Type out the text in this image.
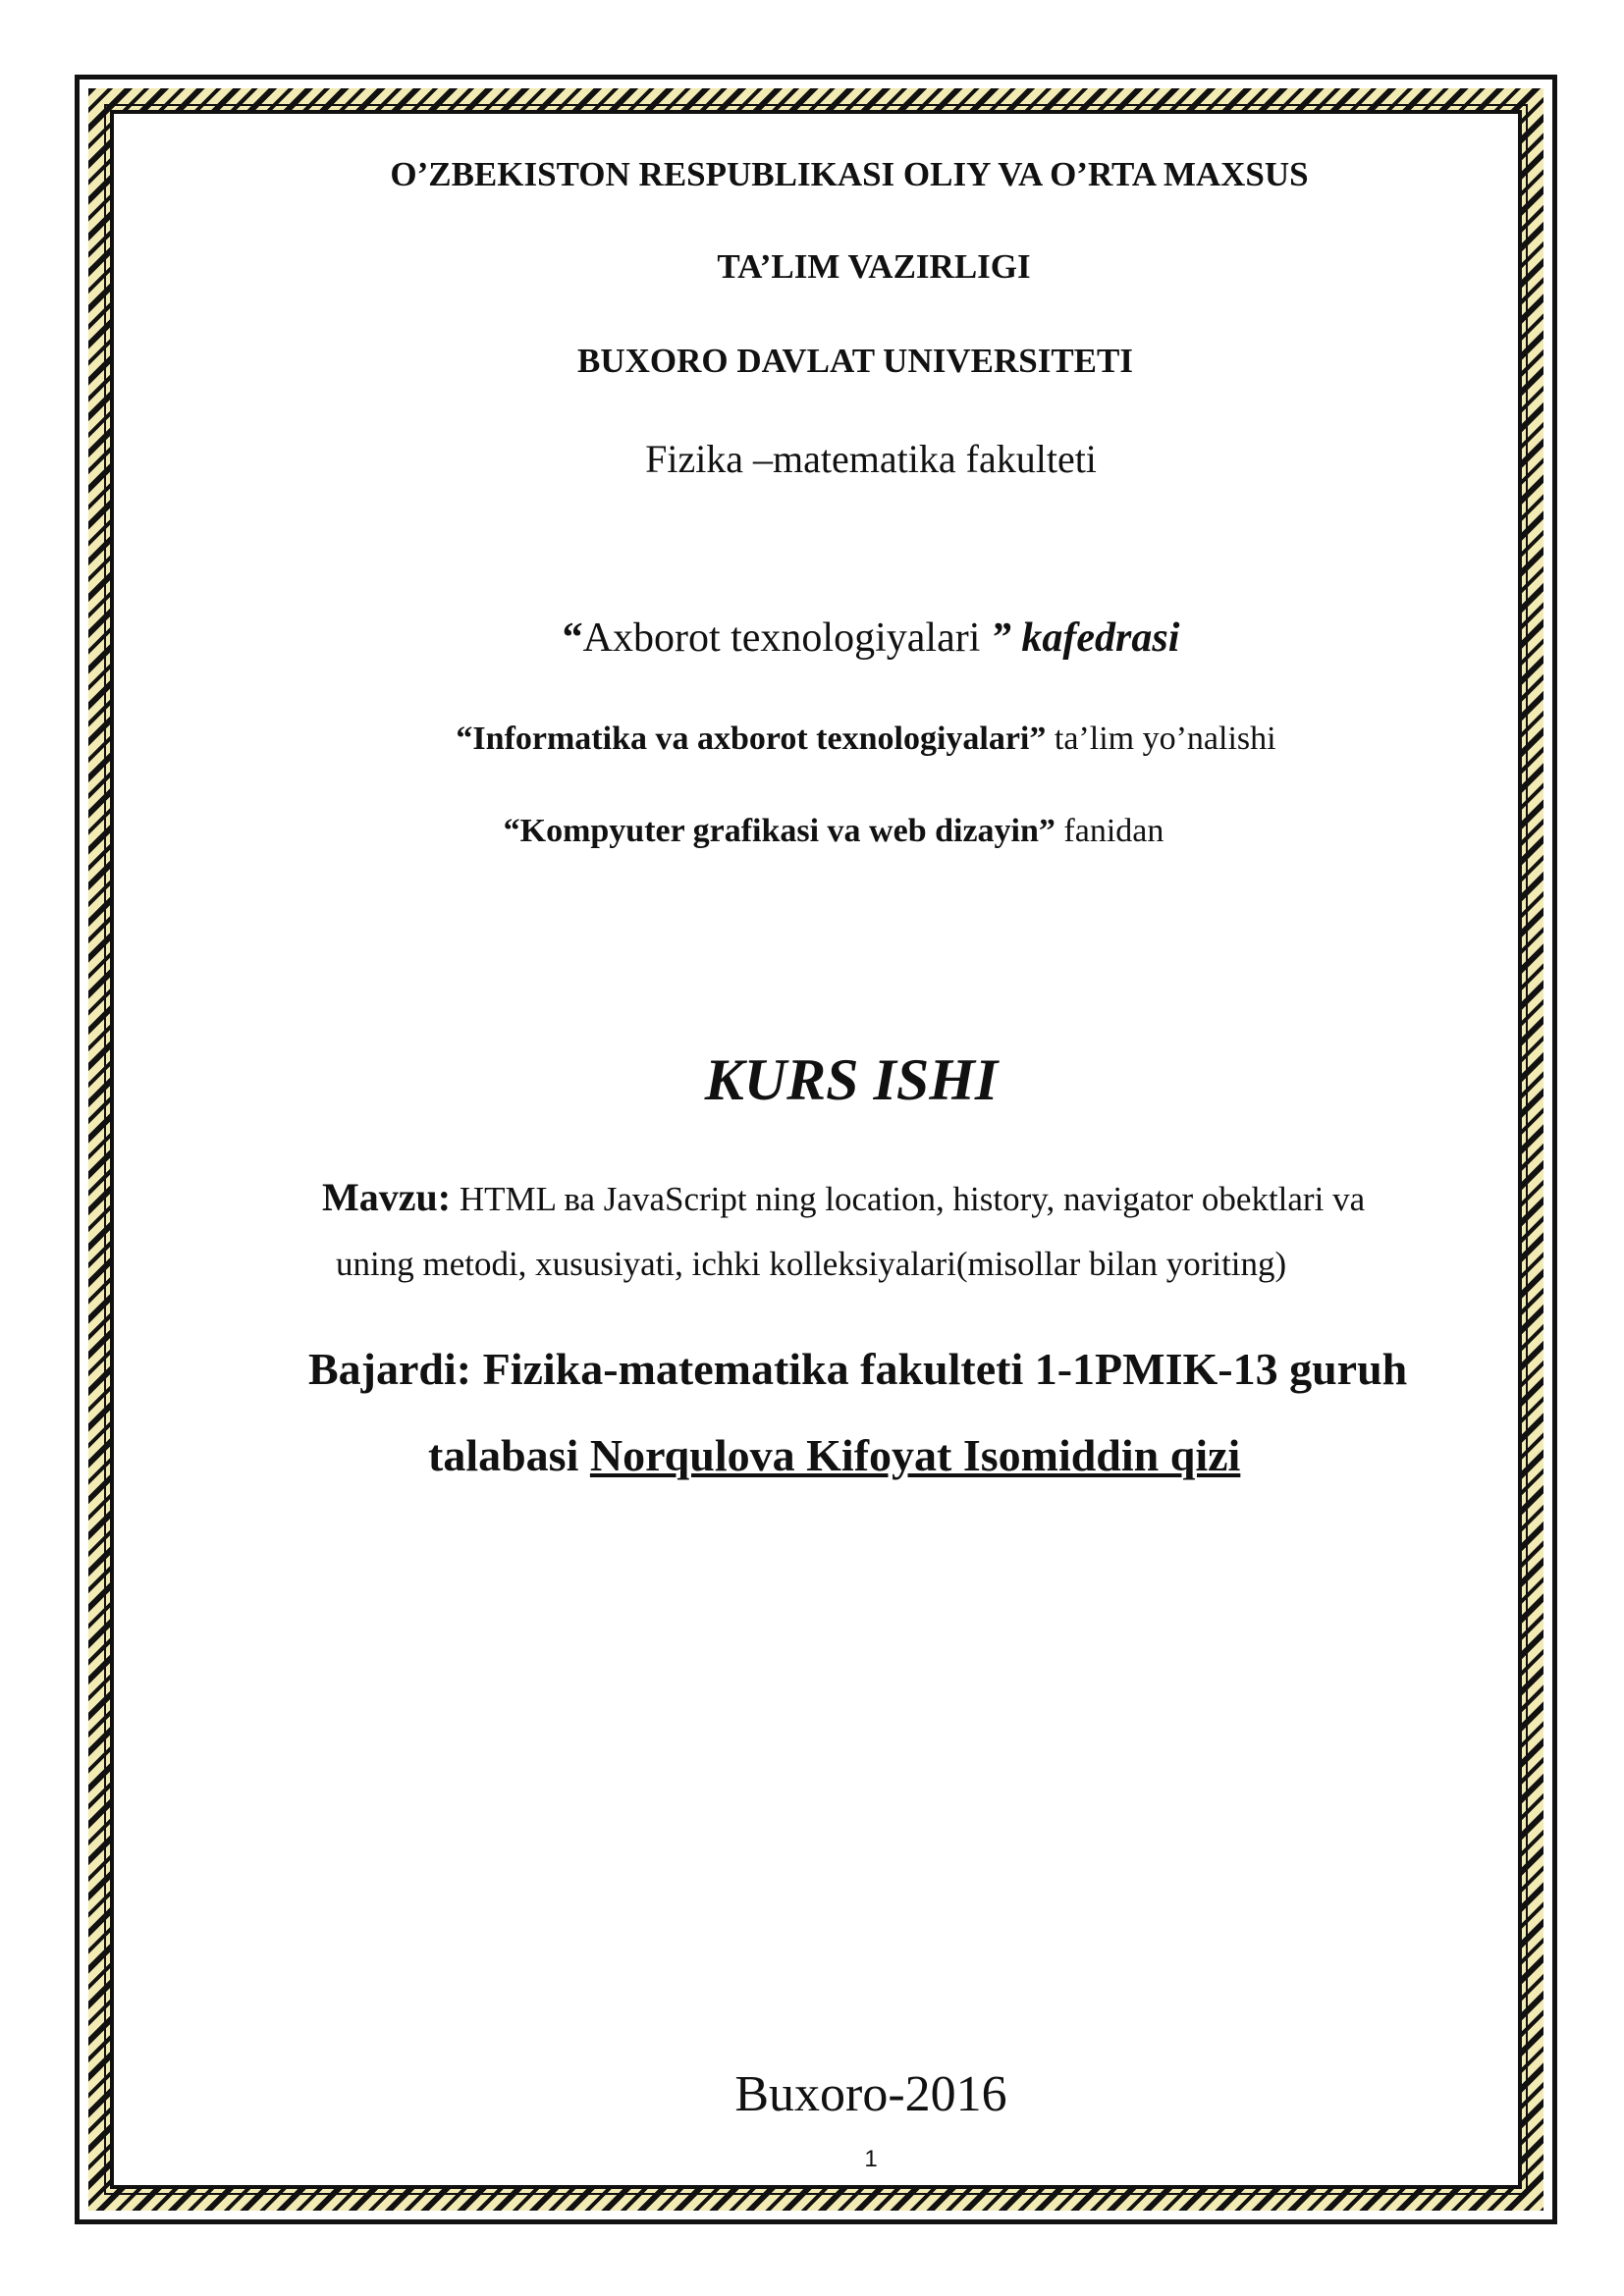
O’ZBEKISTON RESPUBLIKASI OLIY VA O’RTA MAXSUS
TA’LIM VAZIRLIGI
BUXORO DAVLAT UNIVERSITETI
Fizika –matematika fakulteti
“Axborot texnologiyalari ” kafedrasi
“Informatika va axborot texnologiyalari” ta’lim yo’nalishi
“Kompyuter grafikasi va web dizayin” fanidan
KURS ISHI
Mavzu: HTML ва JavaScript ning location, history, navigator obektlari va
uning metodi, xususiyati, ichki kolleksiyalari(misollar bilan yoriting)
Bajardi: Fizika-matematika fakulteti 1-1PMIK-13 guruh
talabasi Norqulova Kifoyat Isomiddin qizi
Buxoro-2016
1
